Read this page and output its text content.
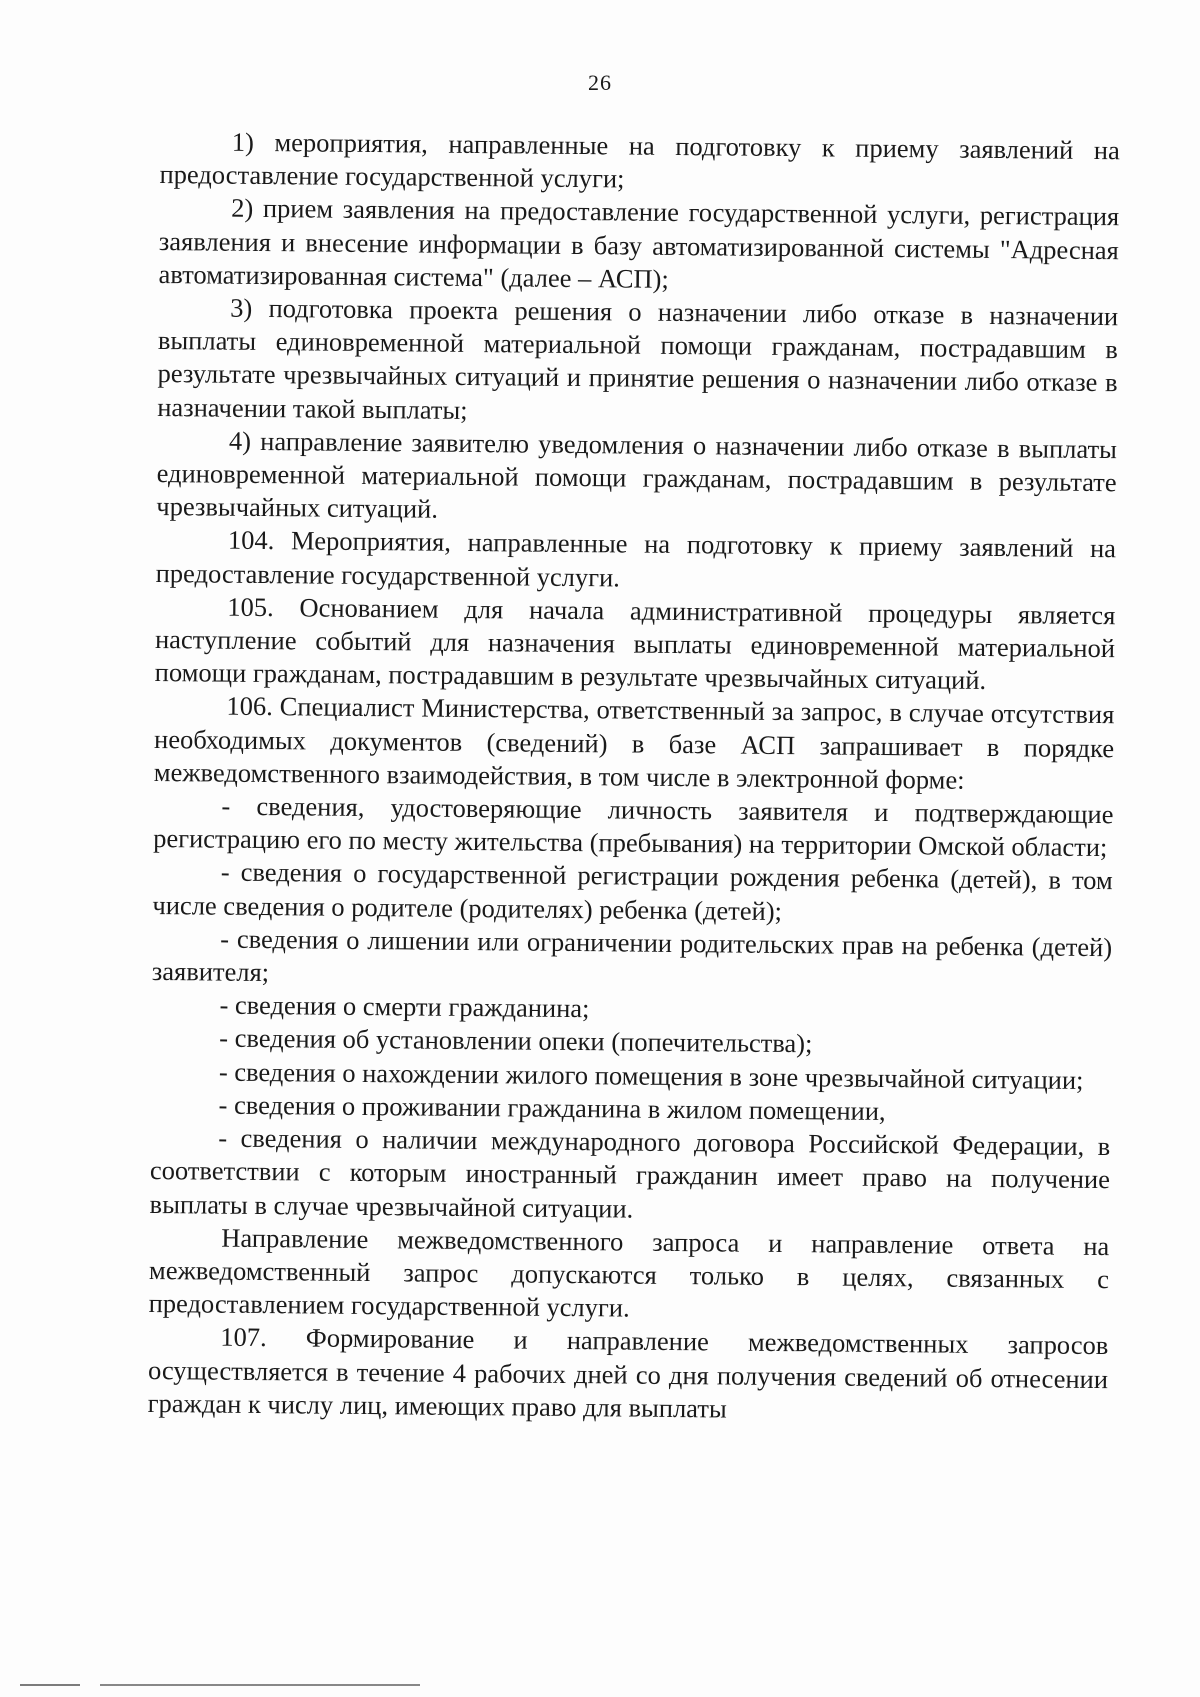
26

1) мероприятия, направленные на подготовку к приему заявлений на предоставление государственной услуги;

2) прием заявления на предоставление государственной услуги, регистрация заявления и внесение информации в базу автоматизированной системы "Адресная автоматизированная система" (далее – АСП);

3) подготовка проекта решения о назначении либо отказе в назначении выплаты единовременной материальной помощи гражданам, пострадавшим в результате чрезвычайных ситуаций и принятие решения о назначении либо отказе в назначении такой выплаты;

4) направление заявителю уведомления о назначении либо отказе в выплаты единовременной материальной помощи гражданам, пострадавшим в результате чрезвычайных ситуаций.

104. Мероприятия, направленные на подготовку к приему заявлений на предоставление государственной услуги.

105. Основанием для начала административной процедуры является наступление событий для назначения выплаты единовременной материальной помощи гражданам, пострадавшим в результате чрезвычайных ситуаций.

106. Специалист Министерства, ответственный за запрос, в случае отсутствия необходимых документов (сведений) в базе АСП запрашивает в порядке межведомственного взаимодействия, в том числе в электронной форме:

- сведения, удостоверяющие личность заявителя и подтверждающие регистрацию его по месту жительства (пребывания) на территории Омской области;

- сведения о государственной регистрации рождения ребенка (детей), в том числе сведения о родителе (родителях) ребенка (детей);

- сведения о лишении или ограничении родительских прав на ребенка (детей) заявителя;

- сведения о смерти гражданина;

- сведения об установлении опеки (попечительства);

- сведения о нахождении жилого помещения в зоне чрезвычайной ситуации;

- сведения о проживании гражданина в жилом помещении,

- сведения о наличии международного договора Российской Федерации, в соответствии с которым иностранный гражданин имеет право на получение выплаты в случае чрезвычайной ситуации.

Направление межведомственного запроса и направление ответа на межведомственный запрос допускаются только в целях, связанных с предоставлением государственной услуги.

107. Формирование и направление межведомственных запросов осуществляется в течение 4 рабочих дней со дня получения сведений об отнесении граждан к числу лиц, имеющих право для выплаты
